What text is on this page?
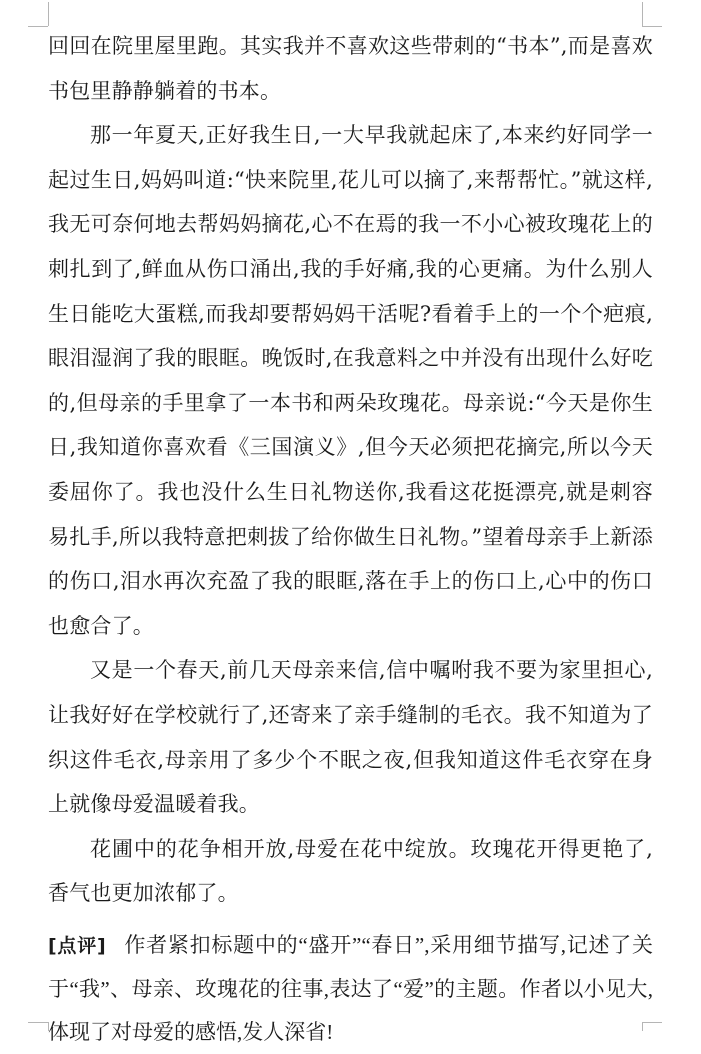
回回在院里屋里跑。其实我并不喜欢这些带刺的“书本”,而是喜欢书包里静静躺着的书本。

那一年夏天,正好我生日,一大早我就起床了,本来约好同学一起过生日,妈妈叫道:“快来院里,花儿可以摘了,来帮帮忙。”就这样,我无可奈何地去帮妈妈摘花,心不在焉的我一不小心被玫瑰花上的刺扎到了,鲜血从伤口涌出,我的手好痛,我的心更痛。为什么别人生日能吃大蛋糕,而我却要帮妈妈干活呢?看着手上的一个个疤痕,眼泪湿润了我的眼眶。晚饭时,在我意料之中并没有出现什么好吃的,但母亲的手里拿了一本书和两朵玫瑰花。母亲说:“今天是你生日,我知道你喜欢看《三国演义》,但今天必须把花摘完,所以今天委屈你了。我也没什么生日礼物送你,我看这花挺漂亮,就是刺容易扎手,所以我特意把刺拔了给你做生日礼物。”望着母亲手上新添的伤口,泪水再次充盈了我的眼眶,落在手上的伤口上,心中的伤口也愈合了。

又是一个春天,前几天母亲来信,信中嘱咐我不要为家里担心,让我好好在学校就行了,还寄来了亲手缝制的毛衣。我不知道为了织这件毛衣,母亲用了多少个不眠之夜,但我知道这件毛衣穿在身上就像母爱温暖着我。

花圃中的花争相开放,母爱在花中绽放。玫瑰花开得更艳了,香气也更加浓郁了。

[点评] 作者紧扣标题中的“盛开”“春日”,采用细节描写,记述了关于“我”、母亲、玫瑰花的往事,表达了“爱”的主题。作者以小见大,体现了对母爱的感悟,发人深省!
